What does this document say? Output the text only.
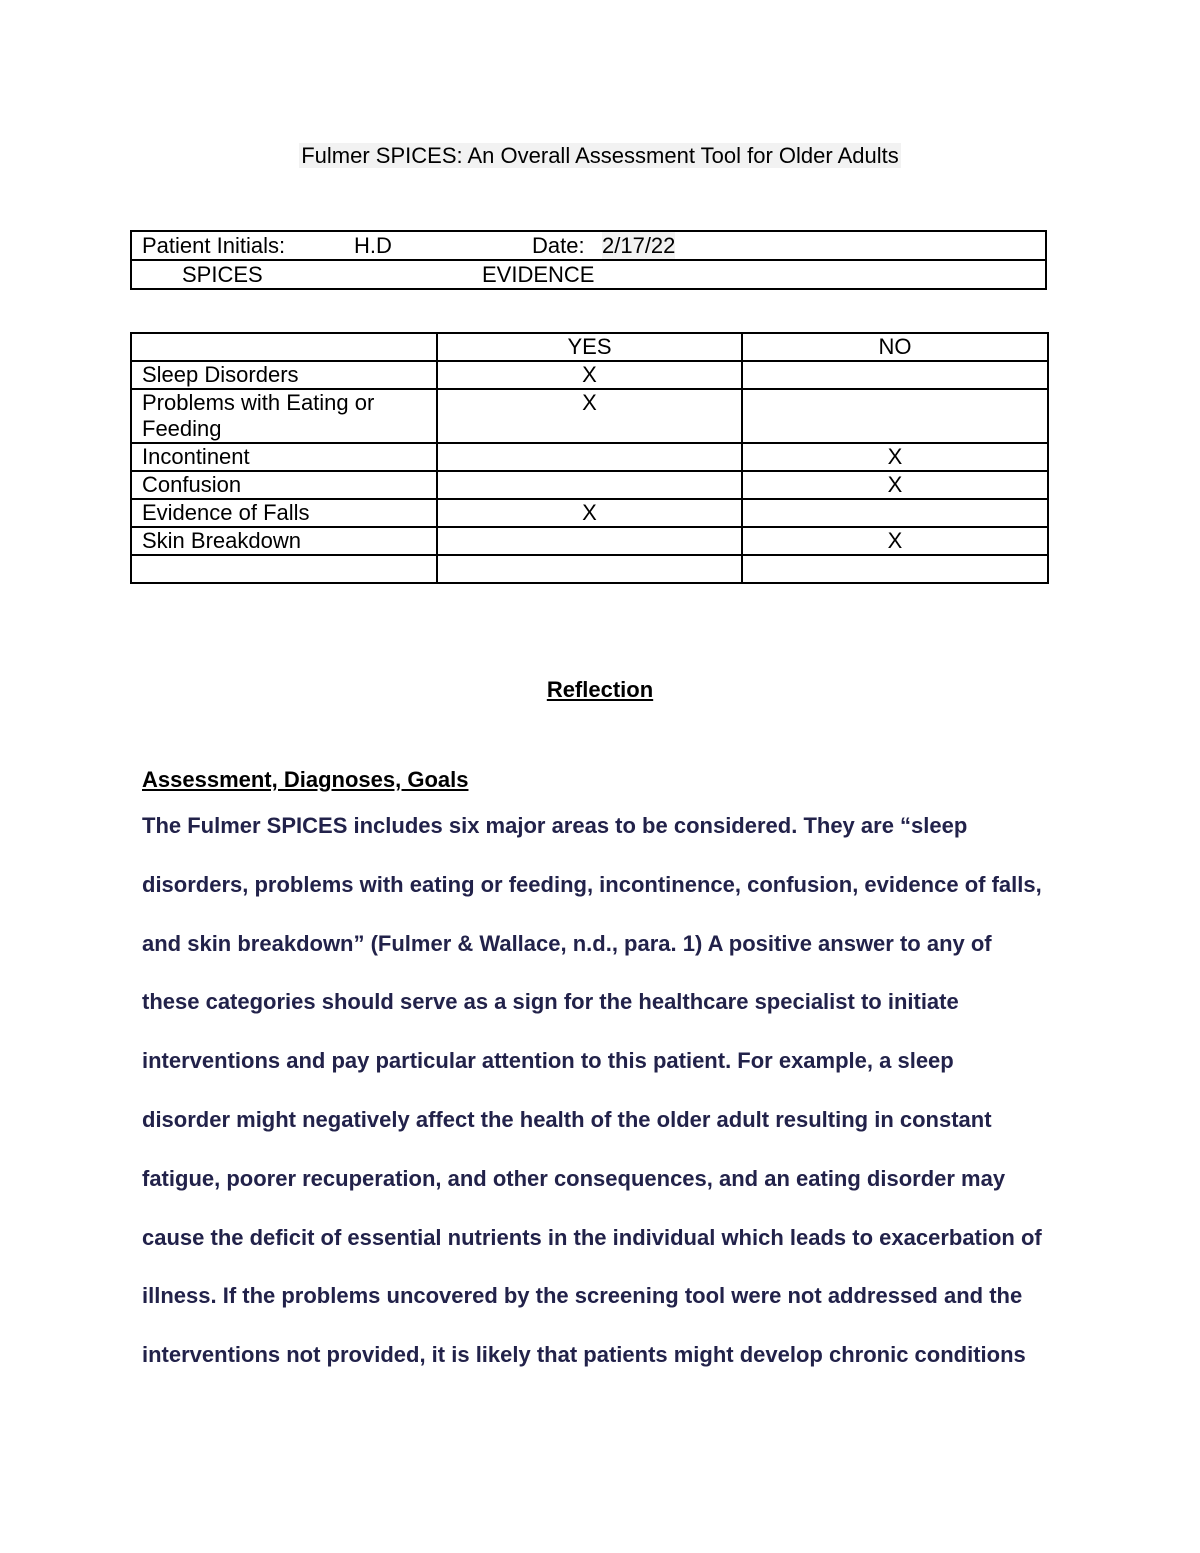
Fulmer SPICES: An Overall Assessment Tool for Older Adults
Patient Initials:	H.D	Date: 2/17/22

SPICES	EVIDENCE
	YES	NO
Sleep Disorders	X	
Problems with Eating or Feeding	X	
Incontinent		X
Confusion		X
Evidence of Falls	X	
Skin Breakdown		X

Reflection
Assessment, Diagnoses, Goals
The Fulmer SPICES includes six major areas to be considered. They are “sleep
disorders, problems with eating or feeding, incontinence, confusion, evidence of falls,
and skin breakdown” (Fulmer & Wallace, n.d., para. 1) A positive answer to any of
these categories should serve as a sign for the healthcare specialist to initiate
interventions and pay particular attention to this patient. For example, a sleep
disorder might negatively affect the health of the older adult resulting in constant
fatigue, poorer recuperation, and other consequences, and an eating disorder may
cause the deficit of essential nutrients in the individual which leads to exacerbation of
illness. If the problems uncovered by the screening tool were not addressed and the
interventions not provided, it is likely that patients might develop chronic conditions
